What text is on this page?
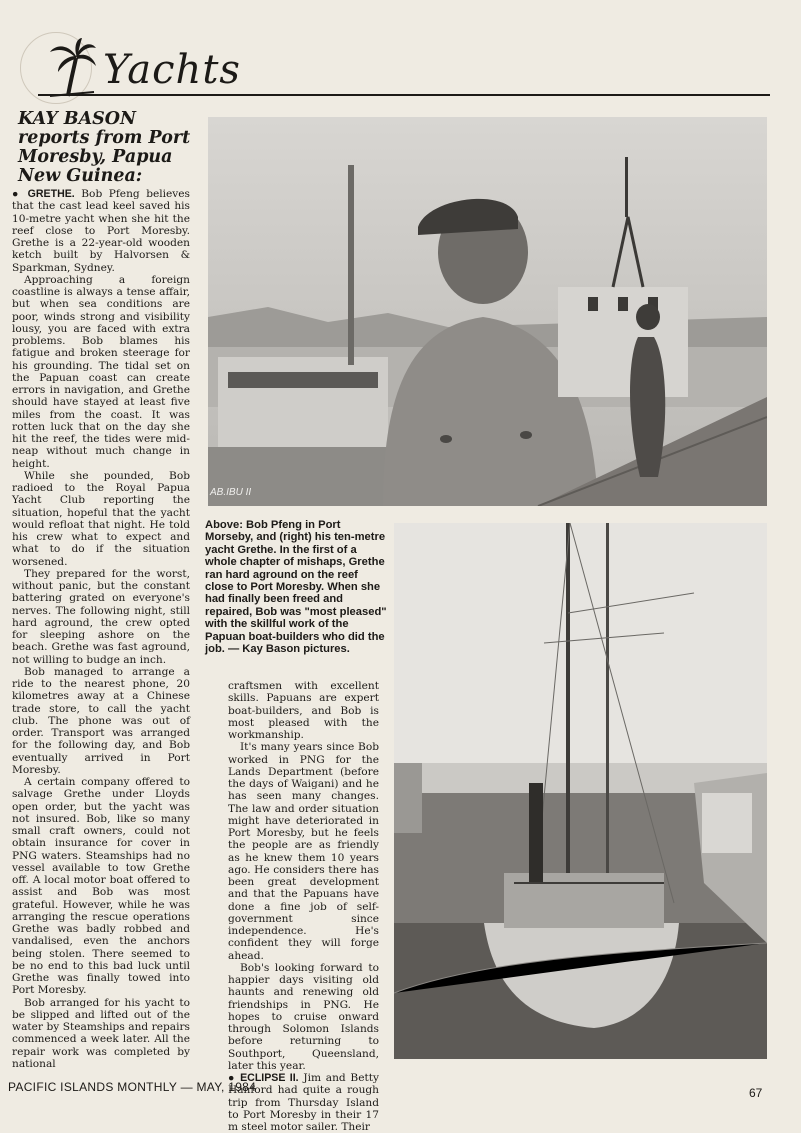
Yachts
KAY BASON reports from Port Moresby, Papua New Guinea:

● GRETHE. Bob Pfeng believes that the cast lead keel saved his 10-metre yacht when she hit the reef close to Port Moresby. Grethe is a 22-year-old wooden ketch built by Halvorsen & Sparkman, Sydney.

Approaching a foreign coastline is always a tense affair, but when sea conditions are poor, winds strong and visibility lousy, you are faced with extra problems. Bob blames his fatigue and broken steerage for his grounding. The tidal set on the Papuan coast can create errors in navigation, and Grethe should have stayed at least five miles from the coast. It was rotten luck that on the day she hit the reef, the tides were mid-neap without much change in height.

While she pounded, Bob radioed to the Royal Papua Yacht Club reporting the situation, hopeful that the yacht would refloat that night. He told his crew what to expect and what to do if the situation worsened.

They prepared for the worst, without panic, but the constant battering grated on everyone's nerves. The following night, still hard aground, the crew opted for sleeping ashore on the beach. Grethe was fast aground, not willing to budge an inch.

Bob managed to arrange a ride to the nearest phone, 20 kilometres away at a Chinese trade store, to call the yacht club. The phone was out of order. Transport was arranged for the following day, and Bob eventually arrived in Port Moresby.

A certain company offered to salvage Grethe under Lloyds open order, but the yacht was not insured. Bob, like so many small craft owners, could not obtain insurance for cover in PNG waters. Steamships had no vessel available to tow Grethe off. A local motor boat offered to assist and Bob was most grateful. However, while he was arranging the rescue operations Grethe was badly robbed and vandalised, even the anchors being stolen. There seemed to be no end to this bad luck until Grethe was finally towed into Port Moresby.

Bob arranged for his yacht to be slipped and lifted out of the water by Steamships and repairs commenced a week later. All the repair work was completed by national

AB.IBU II
Above: Bob Pfeng in Port Morseby, and (right) his ten-metre yacht Grethe. In the first of a whole chapter of mishaps, Grethe ran hard aground on the reef close to Port Moresby. When she had finally been freed and repaired, Bob was "most pleased" with the skillful work of the Papuan boat-builders who did the job. — Kay Bason pictures.

craftsmen with excellent skills. Papuans are expert boat-builders, and Bob is most pleased with the workmanship.

It's many years since Bob worked in PNG for the Lands Department (before the days of Waigani) and he has seen many changes. The law and order situation might have deteriorated in Port Moresby, but he feels the people are as friendly as he knew them 10 years ago. He considers there has been great development and that the Papuans have done a fine job of self-government since independence. He's confident they will forge ahead.

Bob's looking forward to happier days visiting old haunts and renewing old friendships in PNG. He hopes to cruise onward through Solomon Islands before returning to Southport, Queensland, later this year.

● ECLIPSE II. Jim and Betty Hanford had quite a rough trip from Thursday Island to Port Moresby in their 17 m steel motor sailer. Their

PACIFIC ISLANDS MONTHLY — MAY, 1984	67
